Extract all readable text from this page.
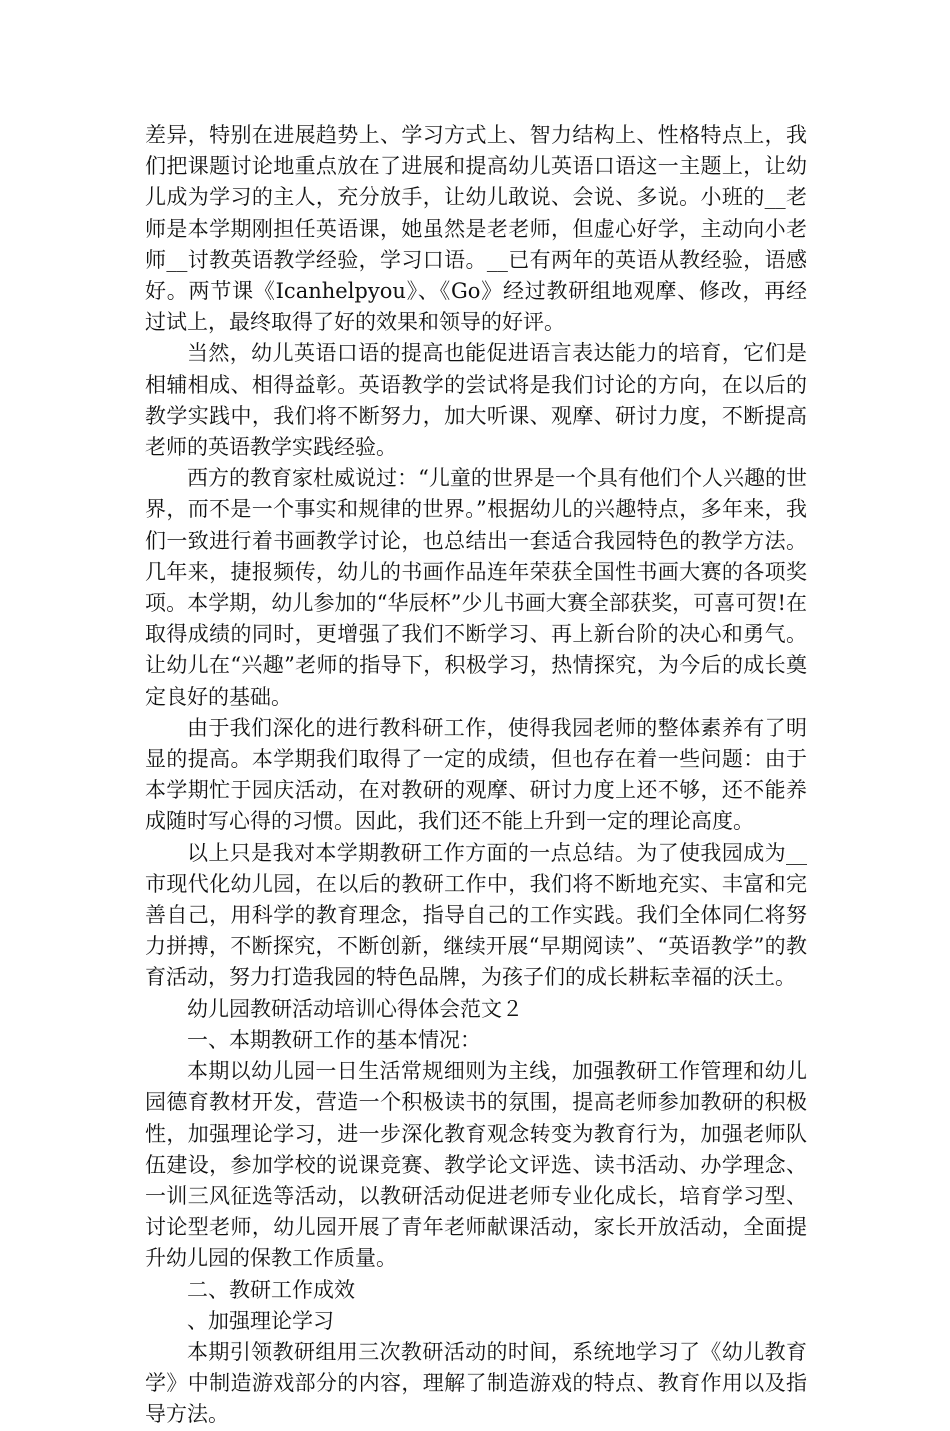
差异，特别在进展趋势上、学习方式上、智力结构上、性格特点上，我们把课题讨论地重点放在了进展和提高幼儿英语口语这一主题上，让幼儿成为学习的主人，充分放手，让幼儿敢说、会说、多说。小班的__老师是本学期刚担任英语课，她虽然是老老师，但虚心好学，主动向小老师__讨教英语教学经验，学习口语。__已有两年的英语从教经验，语感好。两节课《Icanhelpyou》、《Go》经过教研组地观摩、修改，再经过试上，最终取得了好的效果和领导的好评。

当然，幼儿英语口语的提高也能促进语言表达能力的培育，它们是相辅相成、相得益彰。英语教学的尝试将是我们讨论的方向，在以后的教学实践中，我们将不断努力，加大听课、观摩、研讨力度，不断提高老师的英语教学实践经验。

西方的教育家杜威说过：“儿童的世界是一个具有他们个人兴趣的世界，而不是一个事实和规律的世界。”根据幼儿的兴趣特点，多年来，我们一致进行着书画教学讨论，也总结出一套适合我园特色的教学方法。几年来，捷报频传，幼儿的书画作品连年荣获全国性书画大赛的各项奖项。本学期，幼儿参加的“华辰杯”少儿书画大赛全部获奖，可喜可贺!在取得成绩的同时，更增强了我们不断学习、再上新台阶的决心和勇气。让幼儿在“兴趣”老师的指导下，积极学习，热情探究，为今后的成长奠定良好的基础。

由于我们深化的进行教科研工作，使得我园老师的整体素养有了明显的提高。本学期我们取得了一定的成绩，但也存在着一些问题：由于本学期忙于园庆活动，在对教研的观摩、研讨力度上还不够，还不能养成随时写心得的习惯。因此，我们还不能上升到一定的理论高度。

以上只是我对本学期教研工作方面的一点总结。为了使我园成为__市现代化幼儿园，在以后的教研工作中，我们将不断地充实、丰富和完善自己，用科学的教育理念，指导自己的工作实践。我们全体同仁将努力拼搏，不断探究，不断创新，继续开展“早期阅读”、“英语教学”的教育活动，努力打造我园的特色品牌，为孩子们的成长耕耘幸福的沃土。

幼儿园教研活动培训心得体会范文２

一、本期教研工作的基本情况：

本期以幼儿园一日生活常规细则为主线，加强教研工作管理和幼儿园德育教材开发，营造一个积极读书的氛围，提高老师参加教研的积极性，加强理论学习，进一步深化教育观念转变为教育行为，加强老师队伍建设，参加学校的说课竞赛、教学论文评选、读书活动、办学理念、一训三风征选等活动，以教研活动促进老师专业化成长，培育学习型、讨论型老师，幼儿园开展了青年老师献课活动，家长开放活动，全面提升幼儿园的保教工作质量。

二、教研工作成效

、加强理论学习

本期引领教研组用三次教研活动的时间，系统地学习了《幼儿教育学》中制造游戏部分的内容，理解了制造游戏的特点、教育作用以及指导方法。
